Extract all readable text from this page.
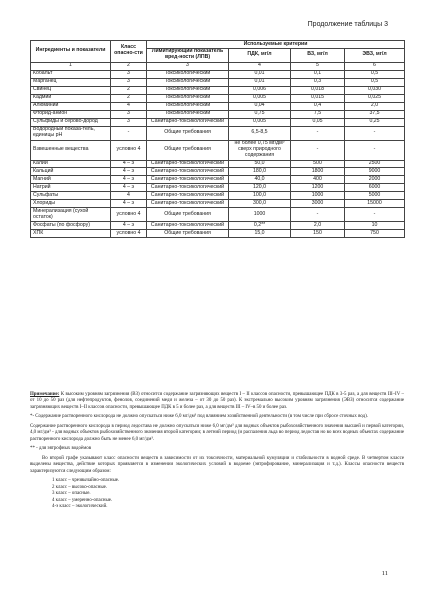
Продолжение таблицы 3
Ингредиенты и показатели	Класс опасно-сти	Используемые критерии			
		Лимитирующий показатель вред-ности (ЛПВ)	ПДК, мг/л	ВЗ, мг/л	ЭВЗ, мг/л
1	2	3	4	5	6
Кобальт	3	Токсикологический	0,01	0,1	0,5
Марганец	3	Токсикологический	0,01	0,3	0,5
Свинец	2	Токсикологический	0,006	0,018	0,030
Кадмий	2	Токсикологический	0,005	0,015	0,025
Алюминий	4	Токсикологический	0,04	0,4	2,0
Фторид-анион	3	Токсикологический	0,75	7,5	37,5
Сульфиды и серово-дород	3	Санитарно-токсикологический	0,005	0,05	0,25
Водородный показа-тель, единицы рН	-	Общие требования	6,5-8,5	-	-
Взвешенные вещества	условно 4	Общие требования	не более 0,75 мг/дм³ сверх природного содержания	-	-
Калий	4 – э	Санитарно-токсикологический	50,0	500	2500
Кальций	4 – э	Санитарно-токсикологический	180,0	1800	9000
Магний	4 – э	Санитарно-токсикологический	40,0	400	2000
Натрий	4 – э	Санитарно-токсикологический	120,0	1200	6000
Сульфаты	4	Санитарно-токсикологический	100,0	1000	5000
Хлориды	4 – э	Санитарно-токсикологический	300,0	3000	15000
Минерализация (сухой остаток)	условно 4	Общие требования	1000	-	-
Фосфаты (по фосфору)	4 – э	Санитарно-токсикологический	0,2**	2,0	10
ХПК	условно 4	Общие требования	15,0	150	750

Примечание: К высоким уровням загрязнения (ВЗ) относится содержание загрязняющих веществ I – II классов опасности, превышающее ПДК в 3-5 раз, а для веществ III–IV – от 10 до 50 раз (для нефтепродуктов, фенолов, соединений меди и железа – от 30 до 50 раз). К экстремально высоким уровням загрязнения (ЭВЗ) относится содержание загрязняющих веществ I–II классов опасности, превышающее ПДК в 5 и более раз, а для веществ III – IV–в 50 и более раз.

*- Содержание растворенного кислорода не должно опускаться ниже 6,0 мг/дм³ под влиянием хозяйственной деятельности (в том числе при сбросе сточных вод).

Содержание растворенного кислорода в период ледостава не должно опускаться ниже 6,0 мг/дм³ для водных объектов рыбохозяйственного значения высшей и первой категории, 4,0 мг/дм³ - для водных объектов рыбохозяйственного значения второй категории; в летний период (и распаления льда во период ледостав но во всех водных объектах содержание растворенного кислорода должно быть не менее 6,0 мг/дм³.

** - для эвтрофных водоёмов

Во второй графе указывают класс опасности веществ в зависимости от их токсичности, материальной кумуляции и стабильности в водной среде. В четвертом классе выделены вещества, действие которых проявляется в изменении экологических условий в водоеме (эвтрофирование, минерализация и т.д.). Классы опасности веществ характеризуются следующим образом:

1 класс – чрезвычайно-опасные.
2 класс – высоко-опасные.
3 класс – опасные.
4 класс – умеренно-опасные.
4-э класс – экологический.
11
